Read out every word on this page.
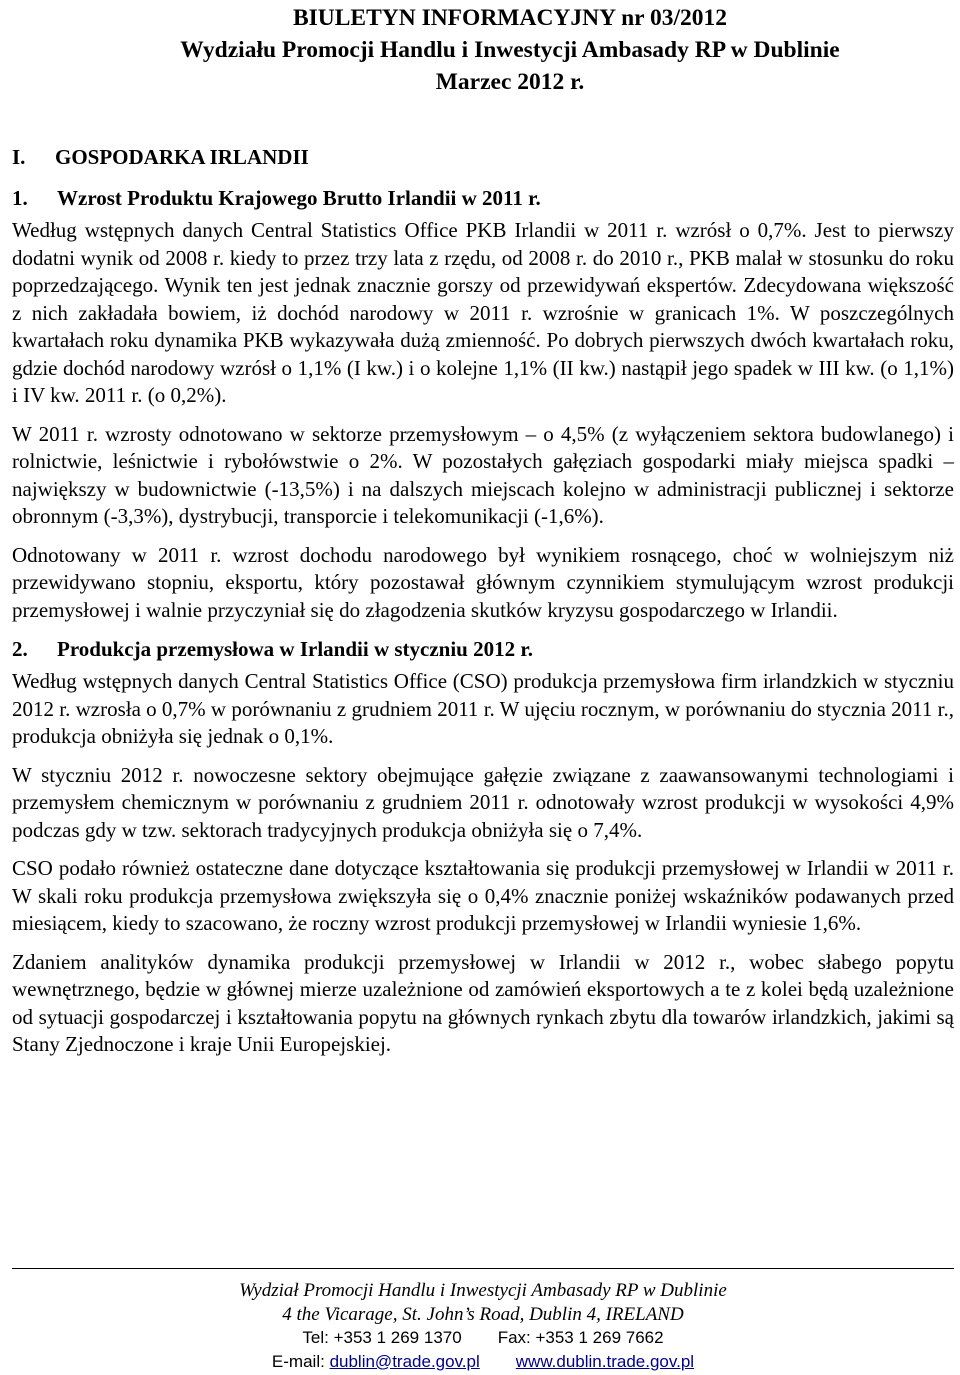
BIULETYN INFORMACYJNY nr 03/2012
Wydziału Promocji Handlu i Inwestycji Ambasady RP w Dublinie
Marzec 2012 r.
I. GOSPODARKA IRLANDII
1. Wzrost Produktu Krajowego Brutto Irlandii w 2011 r.

Według wstępnych danych Central Statistics Office PKB Irlandii w 2011 r. wzrósł o 0,7%. Jest to pierwszy dodatni wynik od 2008 r. kiedy to przez trzy lata z rzędu, od 2008 r. do 2010 r., PKB malał w stosunku do roku poprzedzającego. Wynik ten jest jednak znacznie gorszy od przewidywań ekspertów. Zdecydowana większość z nich zakładała bowiem, iż dochód narodowy w 2011 r. wzrośnie w granicach 1%. W poszczególnych kwartałach roku dynamika PKB wykazywała dużą zmienność. Po dobrych pierwszych dwóch kwartałach roku, gdzie dochód narodowy wzrósł o 1,1% (I kw.) i o kolejne 1,1% (II kw.) nastąpił jego spadek w III kw. (o 1,1%) i IV kw. 2011 r. (o 0,2%).

W 2011 r. wzrosty odnotowano w sektorze przemysłowym – o 4,5% (z wyłączeniem sektora budowlanego) i rolnictwie, leśnictwie i rybołówstwie o 2%. W pozostałych gałęziach gospodarki miały miejsca spadki – największy w budownictwie (-13,5%) i na dalszych miejscach kolejno w administracji publicznej i sektorze obronnym (-3,3%), dystrybucji, transporcie i telekomunikacji (-1,6%).

Odnotowany w 2011 r. wzrost dochodu narodowego był wynikiem rosnącego, choć w wolniejszym niż przewidywano stopniu, eksportu, który pozostawał głównym czynnikiem stymulującym wzrost produkcji przemysłowej i walnie przyczyniał się do złagodzenia skutków kryzysu gospodarczego w Irlandii.

2. Produkcja przemysłowa w Irlandii w styczniu 2012 r.

Według wstępnych danych Central Statistics Office (CSO) produkcja przemysłowa firm irlandzkich w styczniu 2012 r. wzrosła o 0,7% w porównaniu z grudniem 2011 r. W ujęciu rocznym, w porównaniu do stycznia 2011 r., produkcja obniżyła się jednak o 0,1%.

W styczniu 2012 r. nowoczesne sektory obejmujące gałęzie związane z zaawansowanymi technologiami i przemysłem chemicznym w porównaniu z grudniem 2011 r. odnotowały wzrost produkcji w wysokości 4,9% podczas gdy w tzw. sektorach tradycyjnych produkcja obniżyła się o 7,4%.

CSO podało również ostateczne dane dotyczące kształtowania się produkcji przemysłowej w Irlandii w 2011 r. W skali roku produkcja przemysłowa zwiększyła się o 0,4% znacznie poniżej wskaźników podawanych przed miesiącem, kiedy to szacowano, że roczny wzrost produkcji przemysłowej w Irlandii wyniesie 1,6%.

Zdaniem analityków dynamika produkcji przemysłowej w Irlandii w 2012 r., wobec słabego popytu wewnętrznego, będzie w głównej mierze uzależnione od zamówień eksportowych a te z kolei będą uzależnione od sytuacji gospodarczej i kształtowania popytu na głównych rynkach zbytu dla towarów irlandzkich, jakimi są Stany Zjednoczone i kraje Unii Europejskiej.

Wydział Promocji Handlu i Inwestycji Ambasady RP w Dublinie
4 the Vicarage, St. John’s Road, Dublin 4, IRELAND
Tel: +353 1 269 1370 Fax: +353 1 269 7662
E-mail: dublin@trade.gov.pl www.dublin.trade.gov.pl
